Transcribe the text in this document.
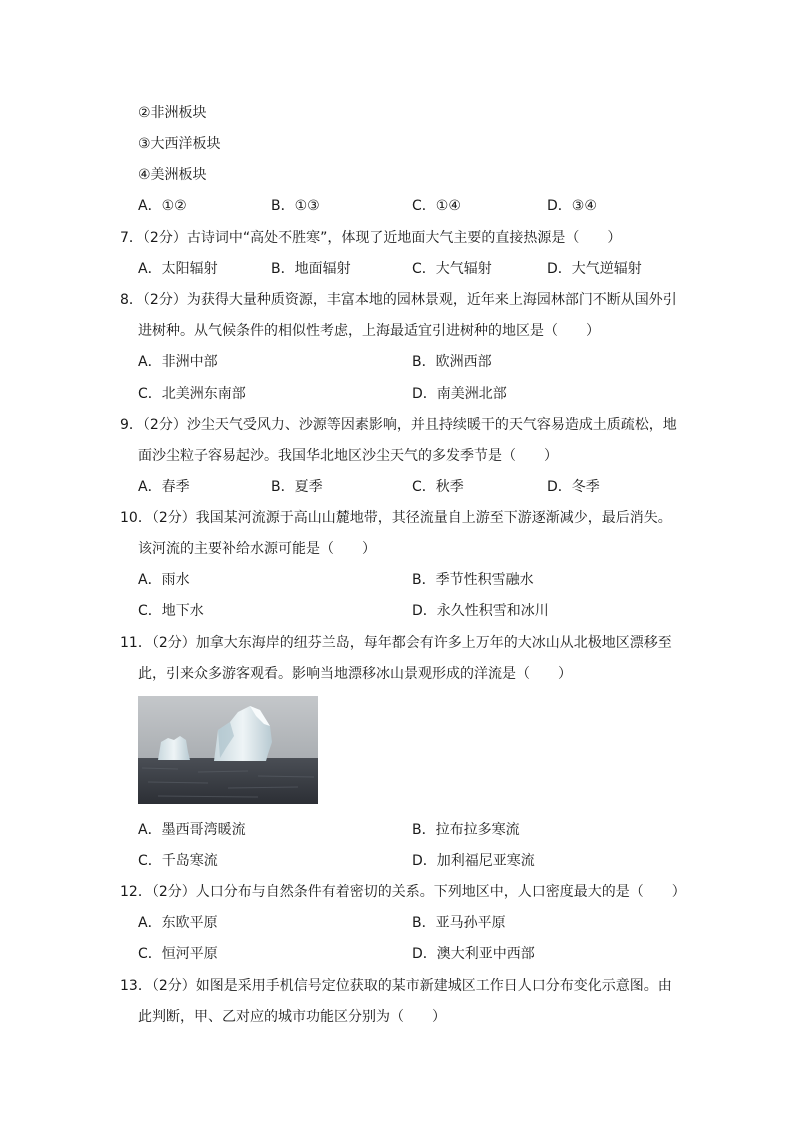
②非洲板块
③大西洋板块
④美洲板块
A．①②	B．①③	C．①④	D．③④
7．（2分）古诗词中“高处不胜寒”，体现了近地面大气主要的直接热源是（　　）
A．太阳辐射	B．地面辐射	C．大气辐射	D．大气逆辐射
8．（2分）为获得大量种质资源，丰富本地的园林景观，近年来上海园林部门不断从国外引
进树种。从气候条件的相似性考虑，上海最适宜引进树种的地区是（　　）
A．非洲中部	B．欧洲西部
C．北美洲东南部	D．南美洲北部
9．（2分）沙尘天气受风力、沙源等因素影响，并且持续暖干的天气容易造成土质疏松，地
面沙尘粒子容易起沙。我国华北地区沙尘天气的多发季节是（　　）
A．春季	B．夏季	C．秋季	D．冬季
10．（2分）我国某河流源于高山山麓地带，其径流量自上游至下游逐渐减少，最后消失。
该河流的主要补给水源可能是（　　）
A．雨水	B．季节性积雪融水
C．地下水	D．永久性积雪和冰川
11．（2分）加拿大东海岸的纽芬兰岛，每年都会有许多上万年的大冰山从北极地区漂移至
此，引来众多游客观看。影响当地漂移冰山景观形成的洋流是（　　）
A．墨西哥湾暖流	B．拉布拉多寒流
C．千岛寒流	D．加利福尼亚寒流
12．（2分）人口分布与自然条件有着密切的关系。下列地区中，人口密度最大的是（　　）
A．东欧平原	B．亚马孙平原
C．恒河平原	D．澳大利亚中西部
13．（2分）如图是采用手机信号定位获取的某市新建城区工作日人口分布变化示意图。由
此判断，甲、乙对应的城市功能区分别为（　　）
